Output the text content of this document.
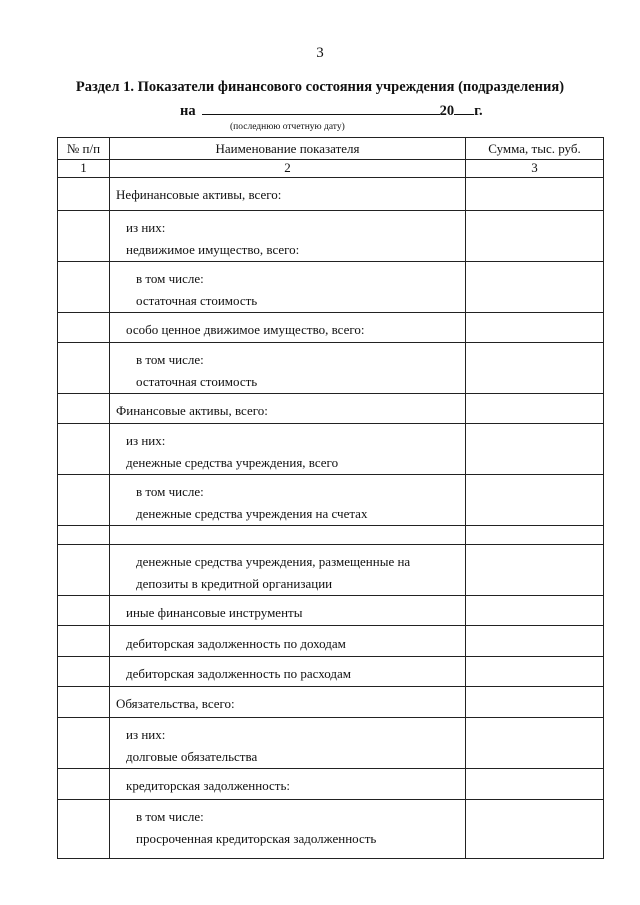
3
Раздел 1. Показатели финансового состояния учреждения (подразделения)
на	20 г.
(последнюю отчетную дату)
№ п/п	Наименование показателя	Сумма, тыс. руб.
1	2	3

	Нефинансовые активы, всего:	

	из них:
недвижимое имущество, всего:	

	в том числе:
остаточная стоимость	

	особо ценное движимое имущество, всего:	

	в том числе:
остаточная стоимость	

	Финансовые активы, всего:	

	из них:
денежные средства учреждения, всего	

	в том числе:
денежные средства учреждения на счетах	

	денежные средства учреждения, размещенные на
депозиты в кредитной организации	

	иные финансовые инструменты	

	дебиторская задолженность по доходам	

	дебиторская задолженность по расходам	

	Обязательства, всего:	

	из них:
долговые обязательства	

	кредиторская задолженность:	

	в том числе:
просроченная кредиторская задолженность	
